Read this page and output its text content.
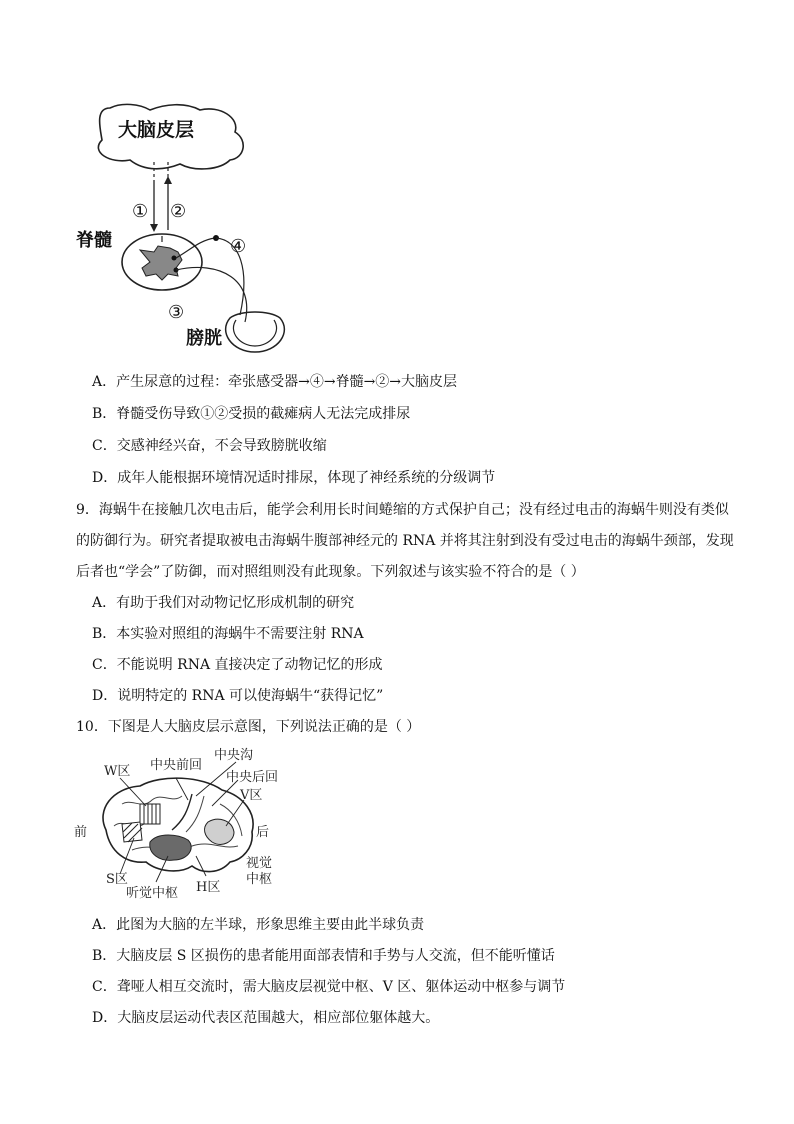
大脑皮层
① ②
脊髓	④
③
膀胱
A．产生尿意的过程：牵张感受器→④→脊髓→②→大脑皮层
B．脊髓受伤导致①②受损的截瘫病人无法完成排尿
C．交感神经兴奋，不会导致膀胱收缩
D．成年人能根据环境情况适时排尿，体现了神经系统的分级调节
9．海蜗牛在接触几次电击后，能学会利用长时间蜷缩的方式保护自己；没有经过电击的海蜗牛则没有类似
的防御行为。研究者提取被电击海蜗牛腹部神经元的 RNA 并将其注射到没有受过电击的海蜗牛颈部，发现
后者也“学会”了防御，而对照组则没有此现象。下列叙述与该实验不符合的是（ ）
A．有助于我们对动物记忆形成机制的研究
B．本实验对照组的海蜗牛不需要注射 RNA
C．不能说明 RNA 直接决定了动物记忆的形成
D．说明特定的 RNA 可以使海蜗牛“获得记忆”
10．下图是人大脑皮层示意图，下列说法正确的是（ ）
W区 中央前回
中央沟
中央后回
V区
前	后
视觉
中枢
S区
听觉中枢 H区
A．此图为大脑的左半球，形象思维主要由此半球负责
B．大脑皮层 S 区损伤的患者能用面部表情和手势与人交流，但不能听懂话
C．聋哑人相互交流时，需大脑皮层视觉中枢、V 区、躯体运动中枢参与调节
D．大脑皮层运动代表区范围越大，相应部位躯体越大。
